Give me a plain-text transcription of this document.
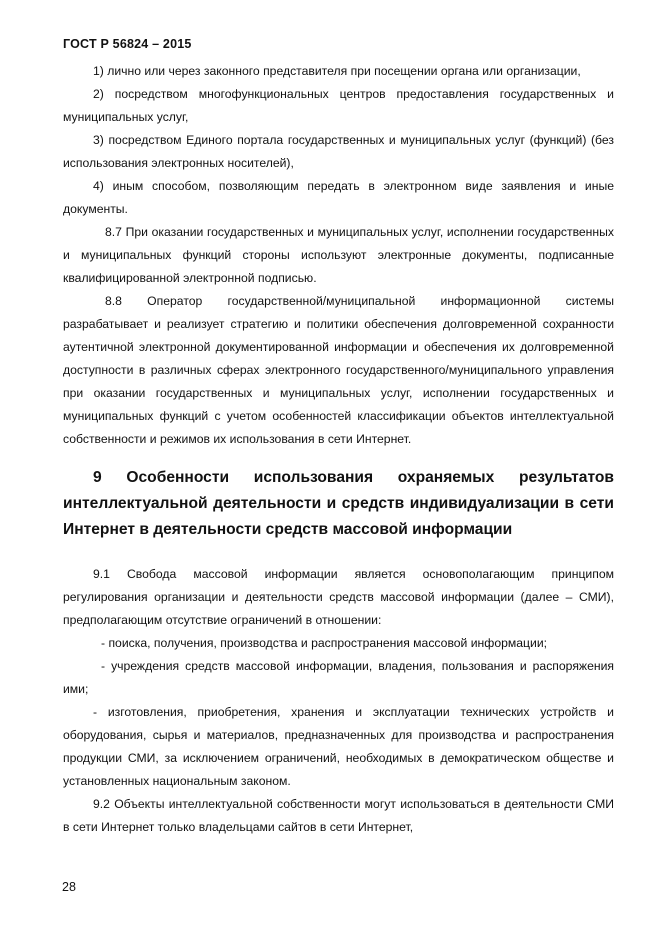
ГОСТ Р 56824 – 2015

1) лично или через законного представителя при посещении органа или организации,

2) посредством многофункциональных центров предоставления государственных и муниципальных услуг,

3) посредством Единого портала государственных и муниципальных услуг (функций) (без использования электронных носителей),

4) иным способом, позволяющим передать в электронном виде заявления и иные документы.

8.7 При оказании государственных и муниципальных услуг, исполнении государственных и муниципальных функций стороны используют электронные документы, подписанные квалифицированной электронной подписью.

8.8 Оператор государственной/муниципальной информационной системы разрабатывает и реализует стратегию и политики обеспечения долговременной сохранности аутентичной электронной документированной информации и обеспечения их долговременной доступности в различных сферах электронного государственного/муниципального управления при оказании государственных и муниципальных услуг, исполнении государственных и муниципальных функций с учетом особенностей классификации объектов интеллектуальной собственности и режимов их использования в сети Интернет.

9 Особенности использования охраняемых результатов интеллектуальной деятельности и средств индивидуализации в сети Интернет в деятельности средств массовой информации

9.1 Свобода массовой информации является основополагающим принципом регулирования организации и деятельности средств массовой информации (далее – СМИ), предполагающим отсутствие ограничений в отношении:

- поиска, получения, производства и распространения массовой информации;

- учреждения средств массовой информации, владения, пользования и распоряжения ими;

- изготовления, приобретения, хранения и эксплуатации технических устройств и оборудования, сырья и материалов, предназначенных для производства и распространения продукции СМИ, за исключением ограничений, необходимых в демократическом обществе и установленных национальным законом.

9.2 Объекты интеллектуальной собственности могут использоваться в деятельности СМИ в сети Интернет только владельцами сайтов в сети Интернет,

28
